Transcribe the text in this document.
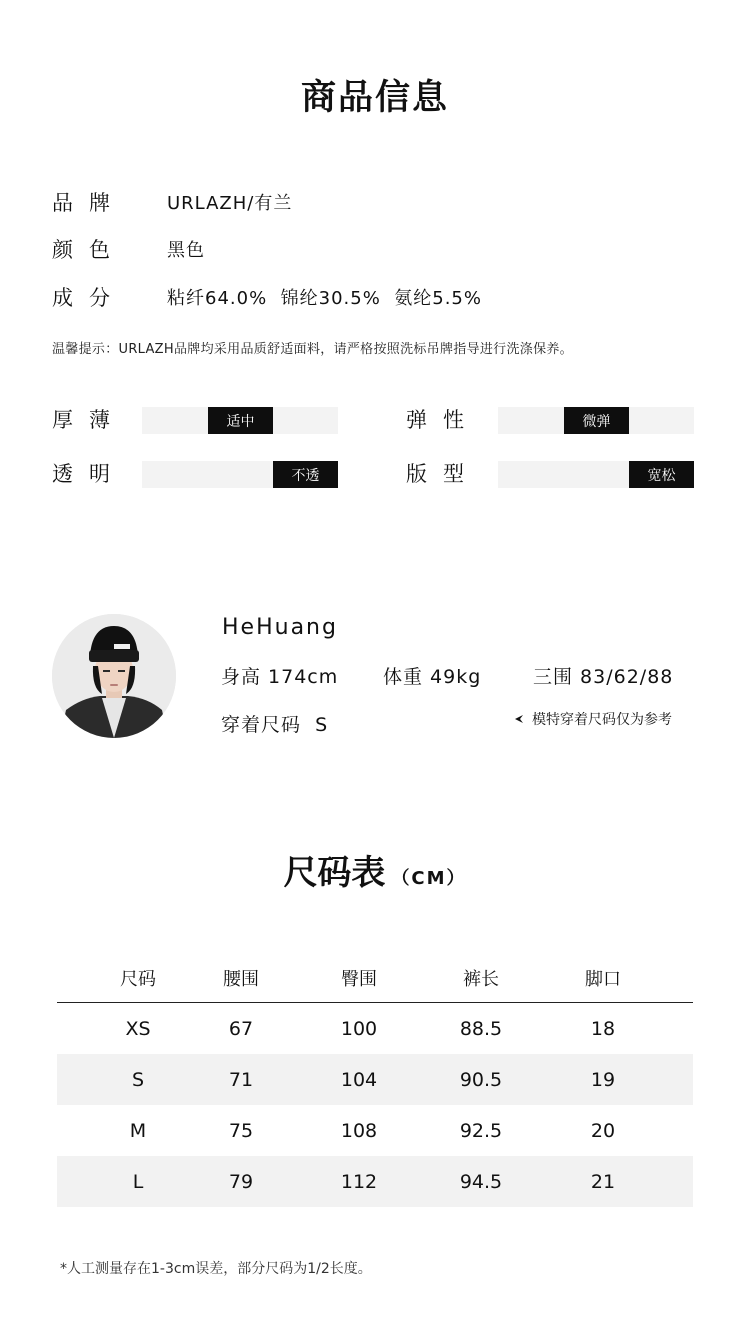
商品信息
品牌	URLAZH/有兰
颜色	黑色
成分	粘纤64.0%  锦纶30.5%  氨纶5.5%
温馨提示：URLAZH品牌均采用品质舒适面料，请严格按照洗标吊牌指导进行洗涤保养。
厚薄	适中	弹性	微弹
透明	不透	版型	宽松
HeHuang
身高 174cm 体重 49kg	三围 83/62/88
穿着尺码  S	模特穿着尺码仅为参考
尺码表 （CM）
尺码	腰围	臀围	裤长	脚口
XS	67	100	88.5	18
S	71	104	90.5	19
M	75	108	92.5	20
L	79	112	94.5	21
*人工测量存在1-3cm误差，部分尺码为1/2长度。
